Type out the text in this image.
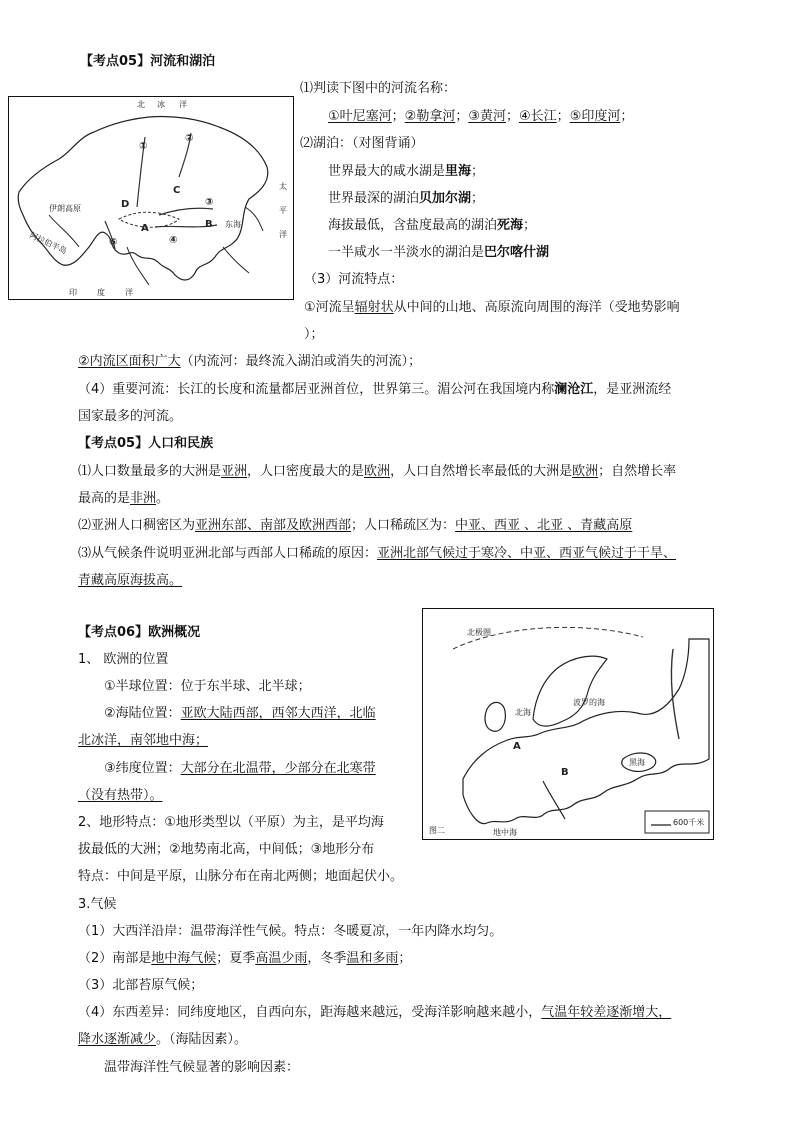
【考点05】河流和湖泊
北 冰 洋
太
平
洋
印	度	洋
伊朗高原
阿拉伯半岛
东海
A	B
C
D
①
②
③
④
⑤
⑴判读下图中的河流名称：
①叶尼塞河；②勒拿河；③黄河；④长江；⑤印度河；
⑵湖泊：（对图背诵）
世界最大的咸水湖是里海；
世界最深的湖泊贝加尔湖；
海拔最低，含盐度最高的湖泊死海；
一半咸水一半淡水的湖泊是巴尔喀什湖
（3）河流特点：
①河流呈辐射状从中间的山地、高原流向周围的海洋（受地势影响
）；
②内流区面积广大（内流河：最终流入湖泊或消失的河流）；
（4）重要河流：长江的长度和流量都居亚洲首位，世界第三。湄公河在我国境内称澜沧江，是亚洲流经
国家最多的河流。
【考点05】人口和民族
⑴人口数量最多的大洲是亚洲，人口密度最大的是欧洲，人口自然增长率最低的大洲是欧洲；自然增长率
最高的是非洲。
⑵亚洲人口稠密区为亚洲东部、南部及欧洲西部；人口稀疏区为：中亚、西亚 、北亚 、青藏高原
⑶从气候条件说明亚洲北部与西部人口稀疏的原因：亚洲北部气候过于寒冷、中亚、西亚气候过于干旱、
青藏高原海拔高。
【考点06】欧洲概况	北极圈
北海
波罗的海
A
B
黑海
地中海
图二
600千米
1、 欧洲的位置
①半球位置：位于东半球、北半球；
②海陆位置：亚欧大陆西部，西邻大西洋，北临
北冰洋，南邻地中海；
③纬度位置：大部分在北温带，少部分在北寒带
（没有热带）。
2、地形特点：①地形类型以（平原）为主，是平均海
拔最低的大洲；②地势南北高，中间低；③地形分布
特点：中间是平原，山脉分布在南北两侧；地面起伏小。
3.气候
（1）大西洋沿岸：温带海洋性气候。特点：冬暖夏凉，一年内降水均匀。
（2）南部是地中海气候；夏季高温少雨，冬季温和多雨；
（3）北部苔原气候；
（4）东西差异：同纬度地区，自西向东，距海越来越远，受海洋影响越来越小，气温年较差逐渐增大，
降水逐渐减少。（海陆因素）。
温带海洋性气候显著的影响因素：
